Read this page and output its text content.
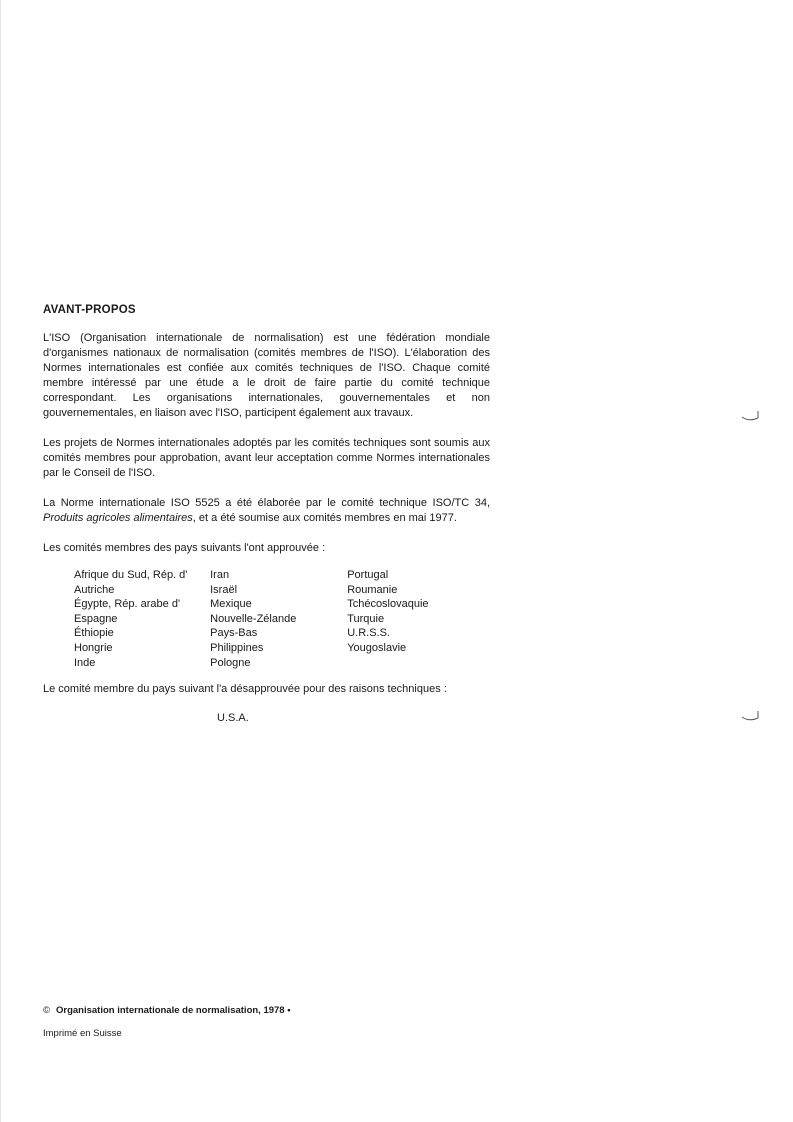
AVANT-PROPOS

L'ISO (Organisation internationale de normalisation) est une fédération mondiale d'organismes nationaux de normalisation (comités membres de l'ISO). L'élaboration des Normes internationales est confiée aux comités techniques de l'ISO. Chaque comité membre intéressé par une étude a le droit de faire partie du comité technique correspondant. Les organisations internationales, gouvernementales et non gouvernementales, en liaison avec l'ISO, participent également aux travaux.

Les projets de Normes internationales adoptés par les comités techniques sont soumis aux comités membres pour approbation, avant leur acceptation comme Normes internationales par le Conseil de l'ISO.

La Norme internationale ISO 5525 a été élaborée par le comité technique ISO/TC 34, Produits agricoles alimentaires, et a été soumise aux comités membres en mai 1977.

Les comités membres des pays suivants l'ont approuvée :

Afrique du Sud, Rép. d'
Autriche
Égypte, Rép. arabe d'
Espagne
Éthiopie
Hongrie
Inde
Iran
Israël
Mexique
Nouvelle-Zélande
Pays-Bas
Philippines
Pologne
Portugal
Roumanie
Tchécoslovaquie
Turquie
U.R.S.S.
Yougoslavie

Le comité membre du pays suivant l'a désapprouvée pour des raisons techniques :

U.S.A.
© Organisation internationale de normalisation, 1978 •
Imprimé en Suisse
